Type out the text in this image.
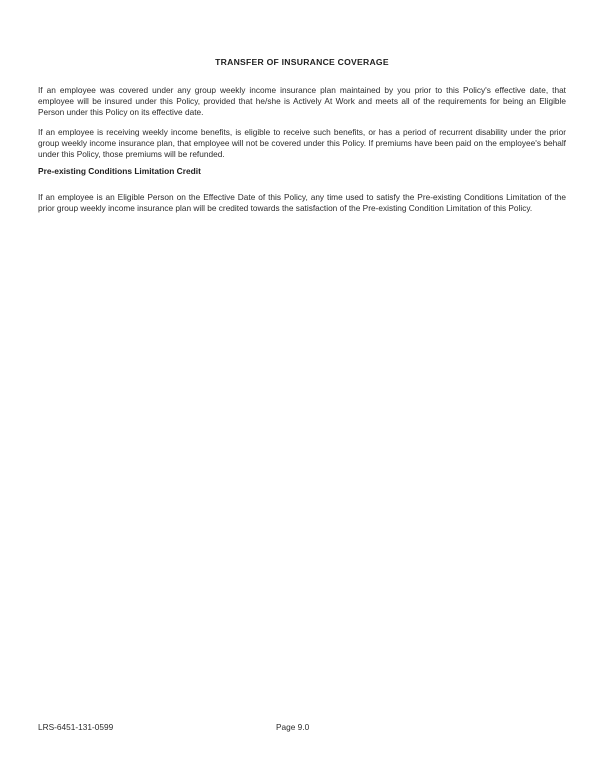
TRANSFER OF INSURANCE COVERAGE

If an employee was covered under any group weekly income insurance plan maintained by you prior to this Policy's effective date, that employee will be insured under this Policy, provided that he/she is Actively At Work and meets all of the requirements for being an Eligible Person under this Policy on its effective date.

If an employee is receiving weekly income benefits, is eligible to receive such benefits, or has a period of recurrent disability under the prior group weekly income insurance plan, that employee will not be covered under this Policy. If premiums have been paid on the employee's behalf under this Policy, those premiums will be refunded.

Pre-existing Conditions Limitation Credit

If an employee is an Eligible Person on the Effective Date of this Policy, any time used to satisfy the Pre-existing Conditions Limitation of the prior group weekly income insurance plan will be credited towards the satisfaction of the Pre-existing Condition Limitation of this Policy.

LRS-6451-131-0599	Page 9.0
